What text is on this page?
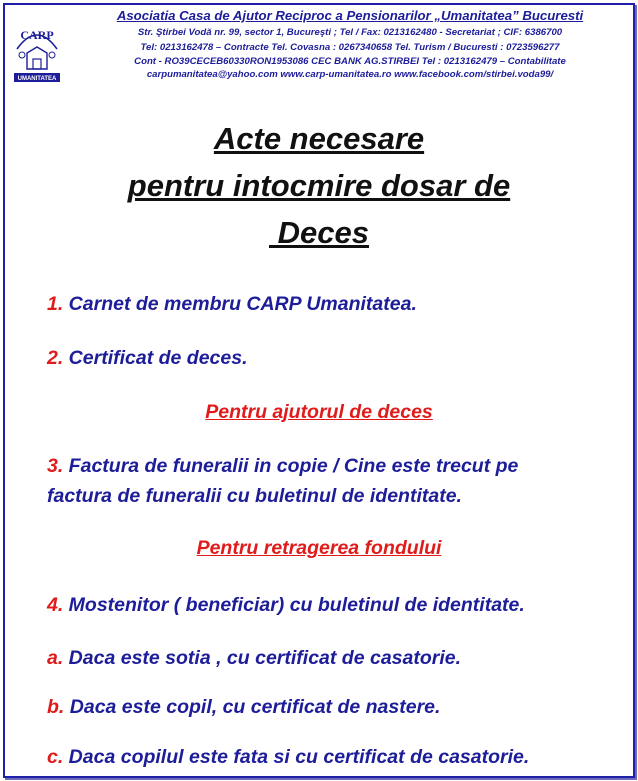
CARP
UMANITATEA
Asociatia Casa de Ajutor Reciproc a Pensionarilor „Umanitatea” Bucuresti
Str. Ştirbei Vodă nr. 99, sector 1, Bucureşti ; Tel / Fax: 0213162480 - Secretariat ; CIF: 6386700
Tel: 0213162478 – Contracte Tel. Covasna : 0267340658 Tel. Turism / Bucuresti : 0723596277
Cont - RO39CECEB60330RON1953086 CEC BANK AG.STIRBEI Tel : 0213162479 – Contabilitate
carpumanitatea@yahoo.com www.carp-umanitatea.ro www.facebook.com/stirbei.voda99/
Acte necesare
pentru intocmire dosar de
Deces
1. Carnet de membru CARP Umanitatea.
2. Certificat de deces.
Pentru ajutorul de deces
3. Factura de funeralii in copie / Cine este trecut pe
factura de funeralii cu buletinul de identitate.
Pentru retragerea fondului
4. Mostenitor ( beneficiar) cu buletinul de identitate.
a. Daca este sotia , cu certificat de casatorie.
b. Daca este copil, cu certificat de nastere.
c. Daca copilul este fata si cu certificat de casatorie.
